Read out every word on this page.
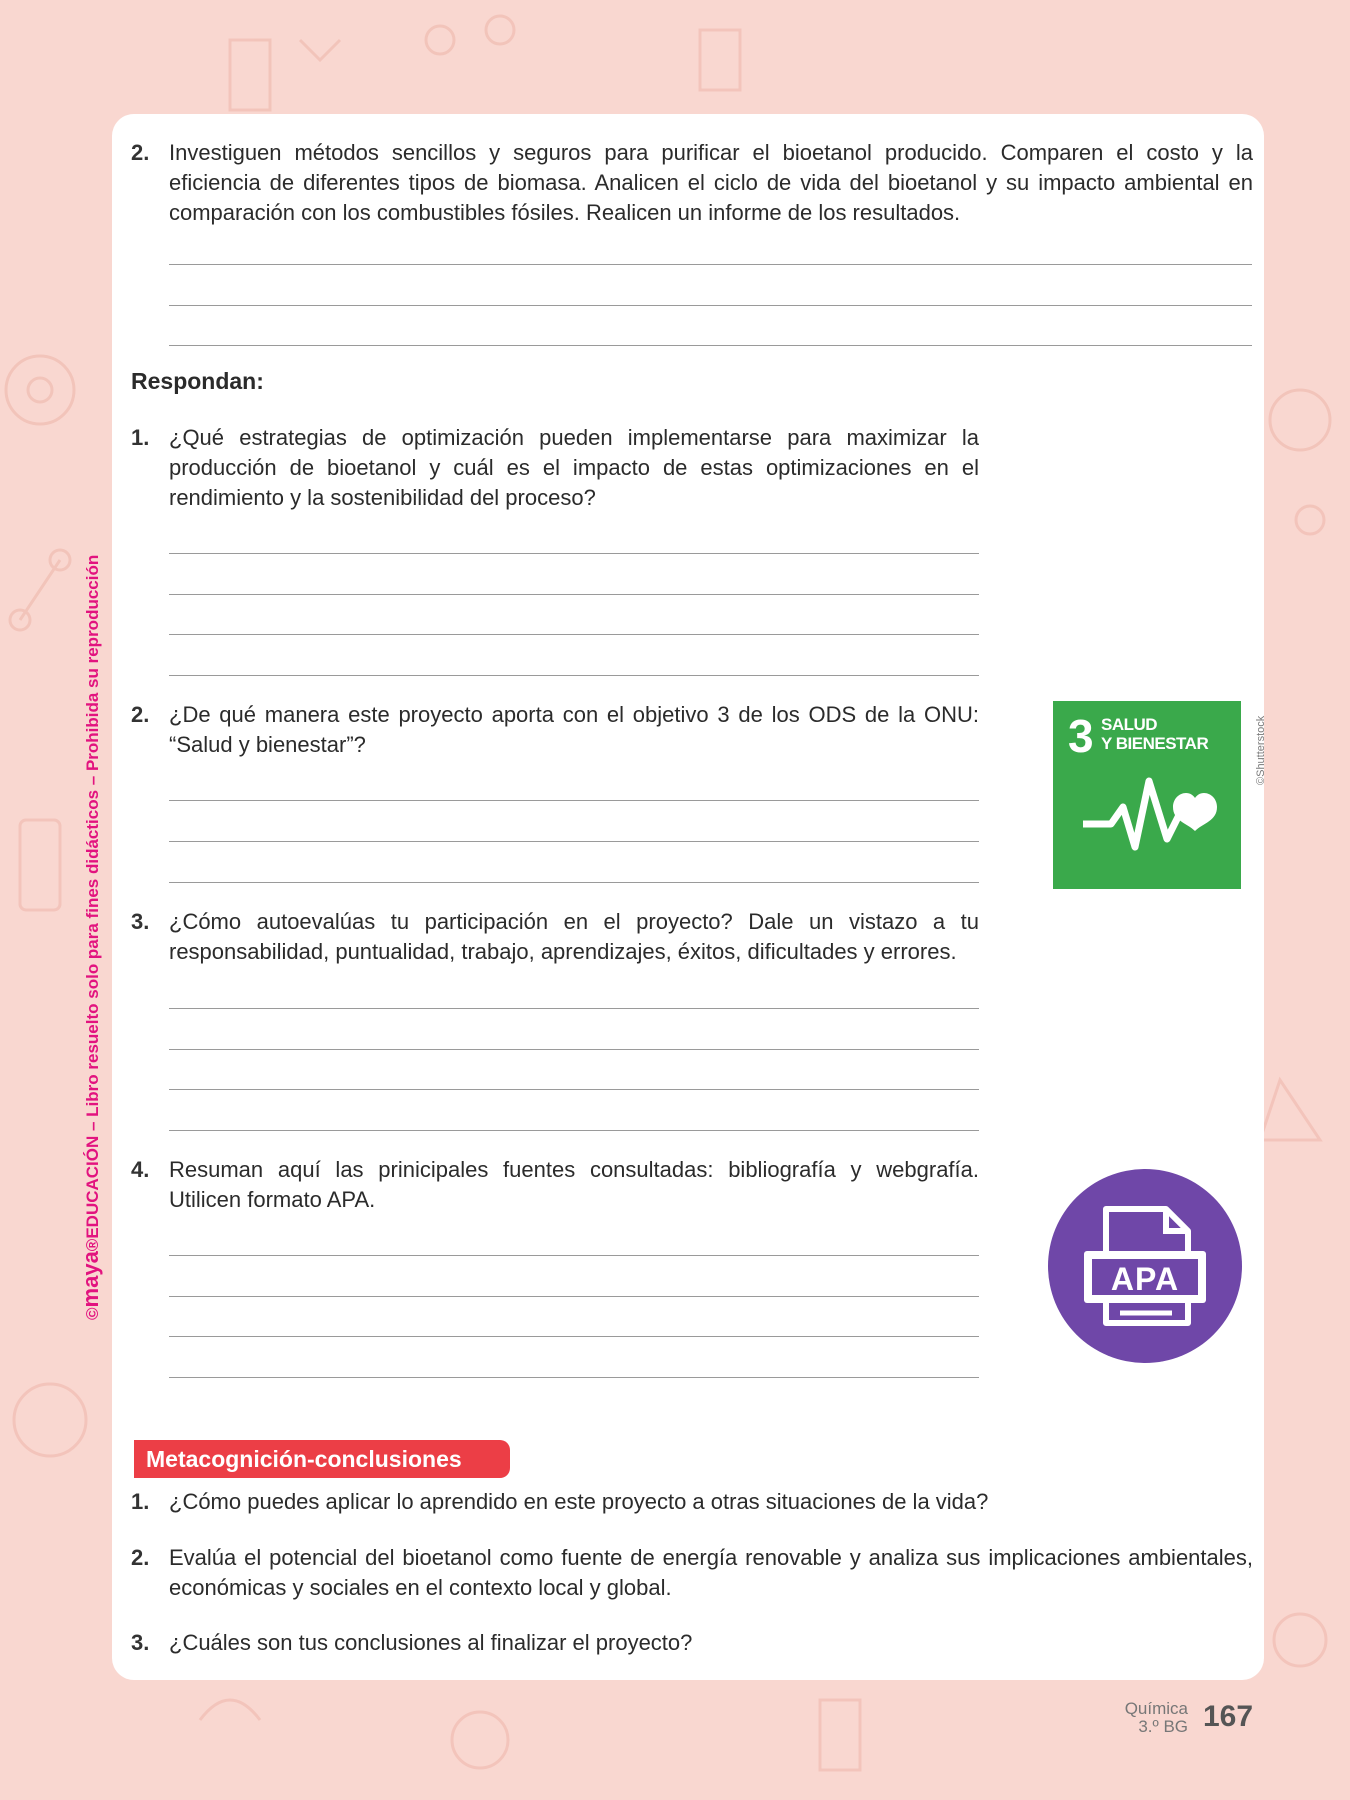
©maya®EDUCACIÓN – Libro resuelto solo para fines didácticos – Prohibida su reproducción
2. Investiguen métodos sencillos y seguros para purificar el bioetanol producido. Comparen el costo y la eficiencia de diferentes tipos de biomasa. Analicen el ciclo de vida del bioetanol y su impacto ambiental en comparación con los combustibles fósiles. Realicen un informe de los resultados.
Respondan:
1. ¿Qué estrategias de optimización pueden implementarse para maximizar la producción de bioetanol y cuál es el impacto de estas optimizaciones en el rendimiento y la sostenibilidad del proceso?
2. ¿De qué manera este proyecto aporta con el objetivo 3 de los ODS de la ONU: “Salud y bienestar”?	3 SALUD
Y BIENESTAR	©Shutterstock
3. ¿Cómo autoevalúas tu participación en el proyecto? Dale un vistazo a tu responsabilidad, puntualidad, trabajo, aprendizajes, éxitos, dificultades y errores.
4. Resuman aquí las prinicipales fuentes consultadas: bibliografía y webgrafía. Utilicen formato APA.
APA
Metacognición-conclusiones
1. ¿Cómo puedes aplicar lo aprendido en este proyecto a otras situaciones de la vida?
2. Evalúa el potencial del bioetanol como fuente de energía renovable y analiza sus implicaciones ambientales, económicas y sociales en el contexto local y global.
3. ¿Cuáles son tus conclusiones al finalizar el proyecto?
Química
3.º BG 167
